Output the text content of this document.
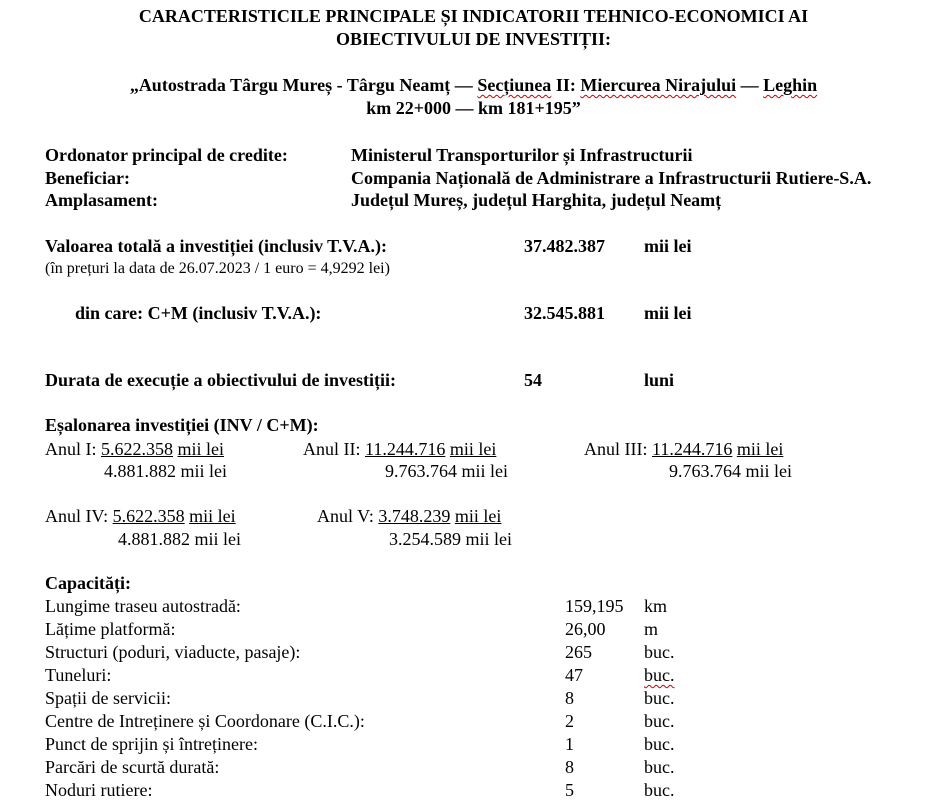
CARACTERISTICILE PRINCIPALE ȘI INDICATORII TEHNICO-ECONOMICI AI
OBIECTIVULUI DE INVESTIȚII:
„Autostrada Târgu Mureș - Târgu Neamț — Secțiunea II: Miercurea Nirajului — Leghin
km 22+000 — km 181+195”
Ordonator principal de credite:	Ministerul Transporturilor și Infrastructurii
Beneficiar:	Compania Națională de Administrare a Infrastructurii Rutiere-S.A.
Amplasament:	Județul Mureș, județul Harghita, județul Neamț
Valoarea totală a investiției (inclusiv T.V.A.):	37.482.387 mii lei
(în prețuri la data de 26.07.2023 / 1 euro = 4,9292 lei)
din care: C+M (inclusiv T.V.A.):	32.545.881 mii lei
Durata de execuție a obiectivului de investiții:	54	luni
Eșalonarea investiției (INV / C+M):
Anul I: 5.622.358 mii lei
4.881.882 mii lei
Anul II: 11.244.716 mii lei
9.763.764 mii lei
Anul III: 11.244.716 mii lei
9.763.764 mii lei
Anul IV: 5.622.358 mii lei
4.881.882 mii lei
Anul V: 3.748.239 mii lei
3.254.589 mii lei
Capacități:
Lungime traseu autostradă:	159,195 km
Lățime platformă:	26,00 m
Structuri (poduri, viaducte, pasaje):	265	buc.
Tuneluri:	47	buc.
Spații de servicii:	8	buc.
Centre de Intreținere și Coordonare (C.I.C.):	2	buc.
Punct de sprijin și întreținere:	1	buc.
Parcări de scurtă durată:	8	buc.
Noduri rutiere:	5	buc.
